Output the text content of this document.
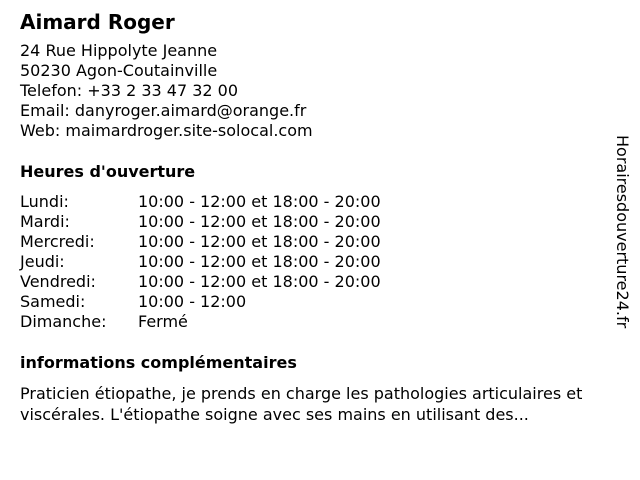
Aimard Roger
24 Rue Hippolyte Jeanne
50230 Agon-Coutainville
Telefon: +33 2 33 47 32 00
Email: danyroger.aimard@orange.fr
Web: maimardroger.site-solocal.com
Heures d'ouverture
Lundi:	10:00 - 12:00 et 18:00 - 20:00
Mardi:	10:00 - 12:00 et 18:00 - 20:00
Mercredi:	10:00 - 12:00 et 18:00 - 20:00
Jeudi:	10:00 - 12:00 et 18:00 - 20:00
Vendredi:	10:00 - 12:00 et 18:00 - 20:00
Samedi:	10:00 - 12:00
Dimanche: Fermé
informations complémentaires
Praticien étiopathe, je prends en charge les pathologies articulaires et viscérales. L'étiopathe soigne avec ses mains en utilisant des...
Horairesdouverture24.fr
